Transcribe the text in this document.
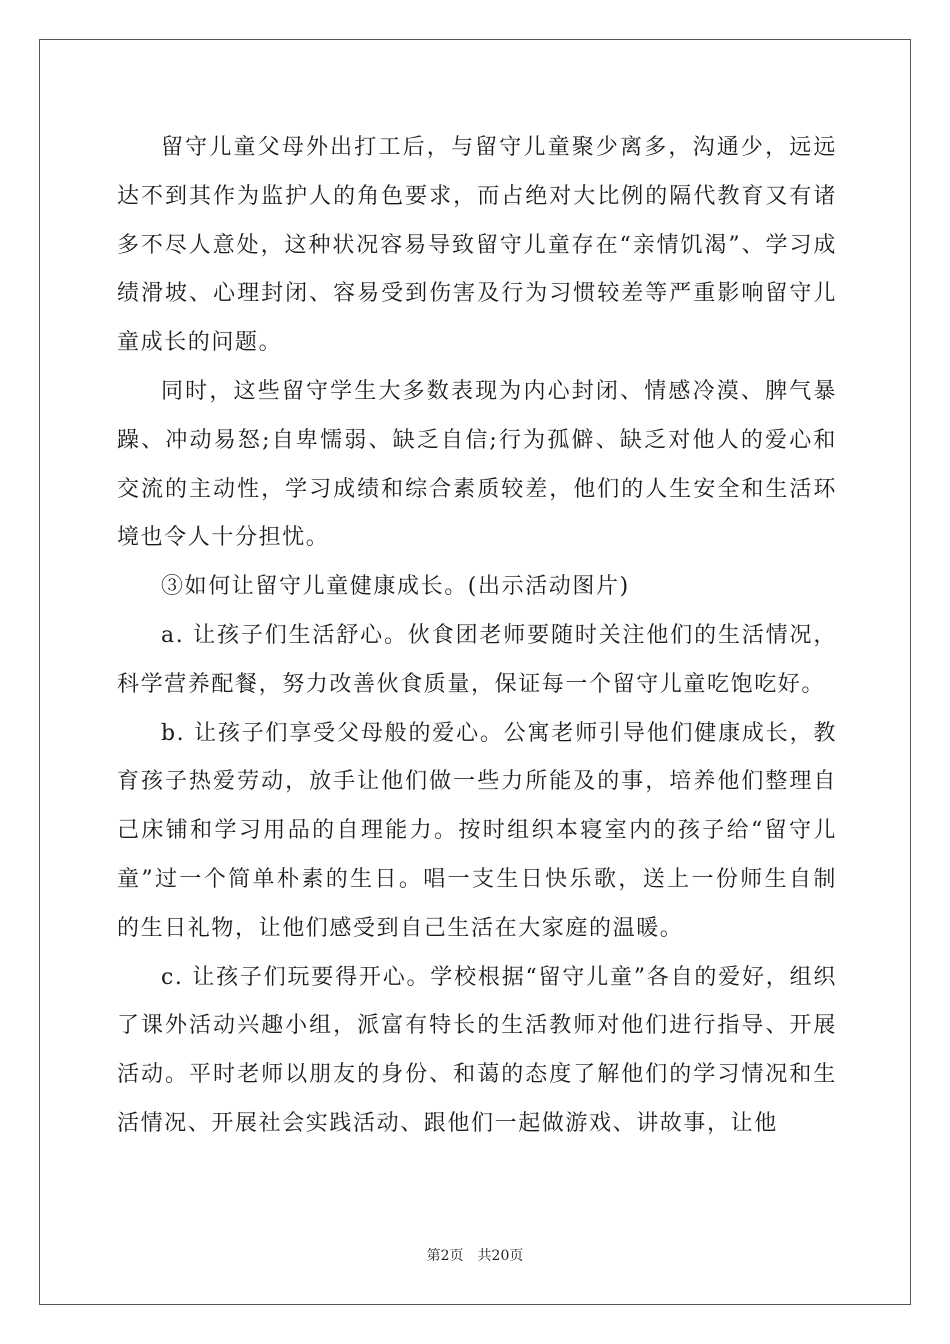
留守儿童父母外出打工后，与留守儿童聚少离多，沟通少，远远达不到其作为监护人的角色要求，而占绝对大比例的隔代教育又有诸多不尽人意处，这种状况容易导致留守儿童存在“亲情饥渴”、学习成绩滑坡、心理封闭、容易受到伤害及行为习惯较差等严重影响留守儿童成长的问题。

同时，这些留守学生大多数表现为内心封闭、情感冷漠、脾气暴躁、冲动易怒;自卑懦弱、缺乏自信;行为孤僻、缺乏对他人的爱心和交流的主动性，学习成绩和综合素质较差，他们的人生安全和生活环境也令人十分担忧。

③如何让留守儿童健康成长。(出示活动图片)

a. 让孩子们生活舒心。伙食团老师要随时关注他们的生活情况，科学营养配餐，努力改善伙食质量，保证每一个留守儿童吃饱吃好。

b. 让孩子们享受父母般的爱心。公寓老师引导他们健康成长，教育孩子热爱劳动，放手让他们做一些力所能及的事，培养他们整理自己床铺和学习用品的自理能力。按时组织本寝室内的孩子给“留守儿童”过一个简单朴素的生日。唱一支生日快乐歌，送上一份师生自制的生日礼物，让他们感受到自己生活在大家庭的温暖。

c. 让孩子们玩要得开心。学校根据“留守儿童”各自的爱好，组织了课外活动兴趣小组，派富有特长的生活教师对他们进行指导、开展活动。平时老师以朋友的身份、和蔼的态度了解他们的学习情况和生活情况、开展社会实践活动、跟他们一起做游戏、讲故事，让他

第2页　共20页
